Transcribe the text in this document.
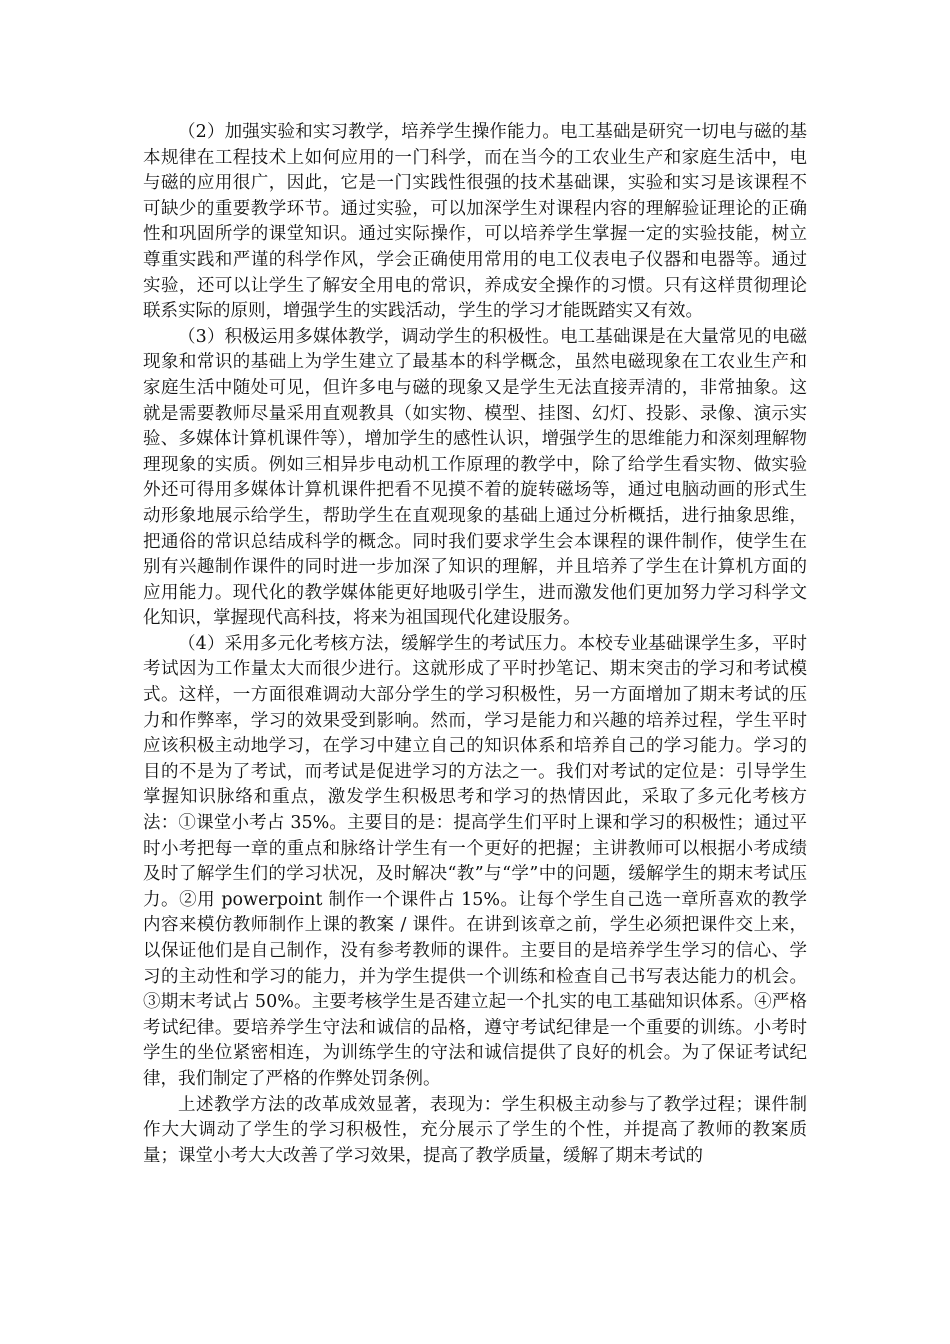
（2）加强实验和实习教学，培养学生操作能力。电工基础是研究一切电与磁的基本规律在工程技术上如何应用的一门科学，而在当今的工农业生产和家庭生活中，电与磁的应用很广，因此，它是一门实践性很强的技术基础课，实验和实习是该课程不可缺少的重要教学环节。通过实验，可以加深学生对课程内容的理解验证理论的正确性和巩固所学的课堂知识。通过实际操作，可以培养学生掌握一定的实验技能，树立尊重实践和严谨的科学作风，学会正确使用常用的电工仪表电子仪器和电器等。通过实验，还可以让学生了解安全用电的常识，养成安全操作的习惯。只有这样贯彻理论联系实际的原则，增强学生的实践活动，学生的学习才能既踏实又有效。

（3）积极运用多媒体教学，调动学生的积极性。电工基础课是在大量常见的电磁现象和常识的基础上为学生建立了最基本的科学概念，虽然电磁现象在工农业生产和家庭生活中随处可见，但许多电与磁的现象又是学生无法直接弄清的，非常抽象。这就是需要教师尽量采用直观教具（如实物、模型、挂图、幻灯、投影、录像、演示实验、多媒体计算机课件等），增加学生的感性认识，增强学生的思维能力和深刻理解物理现象的实质。例如三相异步电动机工作原理的教学中，除了给学生看实物、做实验外还可得用多媒体计算机课件把看不见摸不着的旋转磁场等，通过电脑动画的形式生动形象地展示给学生，帮助学生在直观现象的基础上通过分析概括，进行抽象思维，把通俗的常识总结成科学的概念。同时我们要求学生会本课程的课件制作，使学生在别有兴趣制作课件的同时进一步加深了知识的理解，并且培养了学生在计算机方面的应用能力。现代化的教学媒体能更好地吸引学生，进而激发他们更加努力学习科学文化知识，掌握现代高科技，将来为祖国现代化建设服务。

（4）采用多元化考核方法，缓解学生的考试压力。本校专业基础课学生多，平时考试因为工作量太大而很少进行。这就形成了平时抄笔记、期末突击的学习和考试模式。这样，一方面很难调动大部分学生的学习积极性，另一方面增加了期末考试的压力和作弊率，学习的效果受到影响。然而，学习是能力和兴趣的培养过程，学生平时应该积极主动地学习，在学习中建立自己的知识体系和培养自己的学习能力。学习的目的不是为了考试，而考试是促进学习的方法之一。我们对考试的定位是：引导学生掌握知识脉络和重点，激发学生积极思考和学习的热情因此，采取了多元化考核方法：①课堂小考占 35%。主要目的是：提高学生们平时上课和学习的积极性；通过平时小考把每一章的重点和脉络计学生有一个更好的把握；主讲教师可以根据小考成绩及时了解学生们的学习状况，及时解决“教”与“学”中的问题，缓解学生的期末考试压力。②用 powerpoint 制作一个课件占 15%。让每个学生自己选一章所喜欢的教学内容来模仿教师制作上课的教案 / 课件。在讲到该章之前，学生必须把课件交上来，以保证他们是自己制作，没有参考教师的课件。主要目的是培养学生学习的信心、学习的主动性和学习的能力，并为学生提供一个训练和检查自己书写表达能力的机会。③期末考试占 50%。主要考核学生是否建立起一个扎实的电工基础知识体系。④严格考试纪律。要培养学生守法和诚信的品格，遵守考试纪律是一个重要的训练。小考时学生的坐位紧密相连，为训练学生的守法和诚信提供了良好的机会。为了保证考试纪律，我们制定了严格的作弊处罚条例。

上述教学方法的改革成效显著，表现为：学生积极主动参与了教学过程；课件制作大大调动了学生的学习积极性，充分展示了学生的个性，并提高了教师的教案质量；课堂小考大大改善了学习效果，提高了教学质量，缓解了期末考试的
